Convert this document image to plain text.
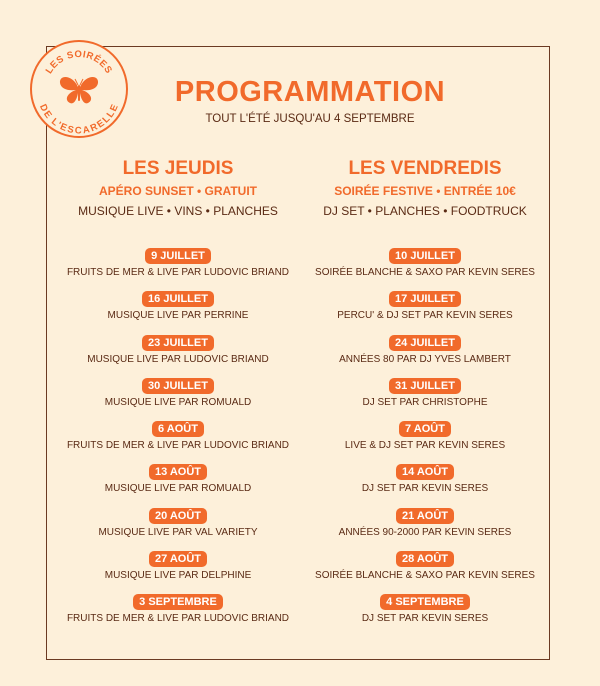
LES SOIRÉES
DE L'ESCARELLE	PROGRAMMATION
TOUT L'ÉTÉ JUSQU'AU 4 SEPTEMBRE
LES JEUDIS
APÉRO SUNSET • GRATUIT
MUSIQUE LIVE • VINS • PLANCHES
LES VENDREDIS
SOIRÉE FESTIVE • ENTRÉE 10€
DJ SET • PLANCHES • FOODTRUCK
9 JUILLET
FRUITS DE MER & LIVE PAR LUDOVIC BRIAND
16 JUILLET
MUSIQUE LIVE PAR PERRINE
23 JUILLET
MUSIQUE LIVE PAR LUDOVIC BRIAND
30 JUILLET
MUSIQUE LIVE PAR ROMUALD
6 AOÛT
FRUITS DE MER & LIVE PAR LUDOVIC BRIAND
13 AOÛT
MUSIQUE LIVE PAR ROMUALD
20 AOÛT
MUSIQUE LIVE PAR VAL VARIETY
27 AOÛT
MUSIQUE LIVE PAR DELPHINE
3 SEPTEMBRE
FRUITS DE MER & LIVE PAR LUDOVIC BRIAND
10 JUILLET
SOIRÉE BLANCHE & SAXO PAR KEVIN SERES
17 JUILLET
PERCU' & DJ SET PAR KEVIN SERES
24 JUILLET
ANNÉES 80 PAR DJ YVES LAMBERT
31 JUILLET
DJ SET PAR CHRISTOPHE
7 AOÛT
LIVE & DJ SET PAR KEVIN SERES
14 AOÛT
DJ SET PAR KEVIN SERES
21 AOÛT
ANNÉES 90-2000 PAR KEVIN SERES
28 AOÛT
SOIRÉE BLANCHE & SAXO PAR KEVIN SERES
4 SEPTEMBRE
DJ SET PAR KEVIN SERES
